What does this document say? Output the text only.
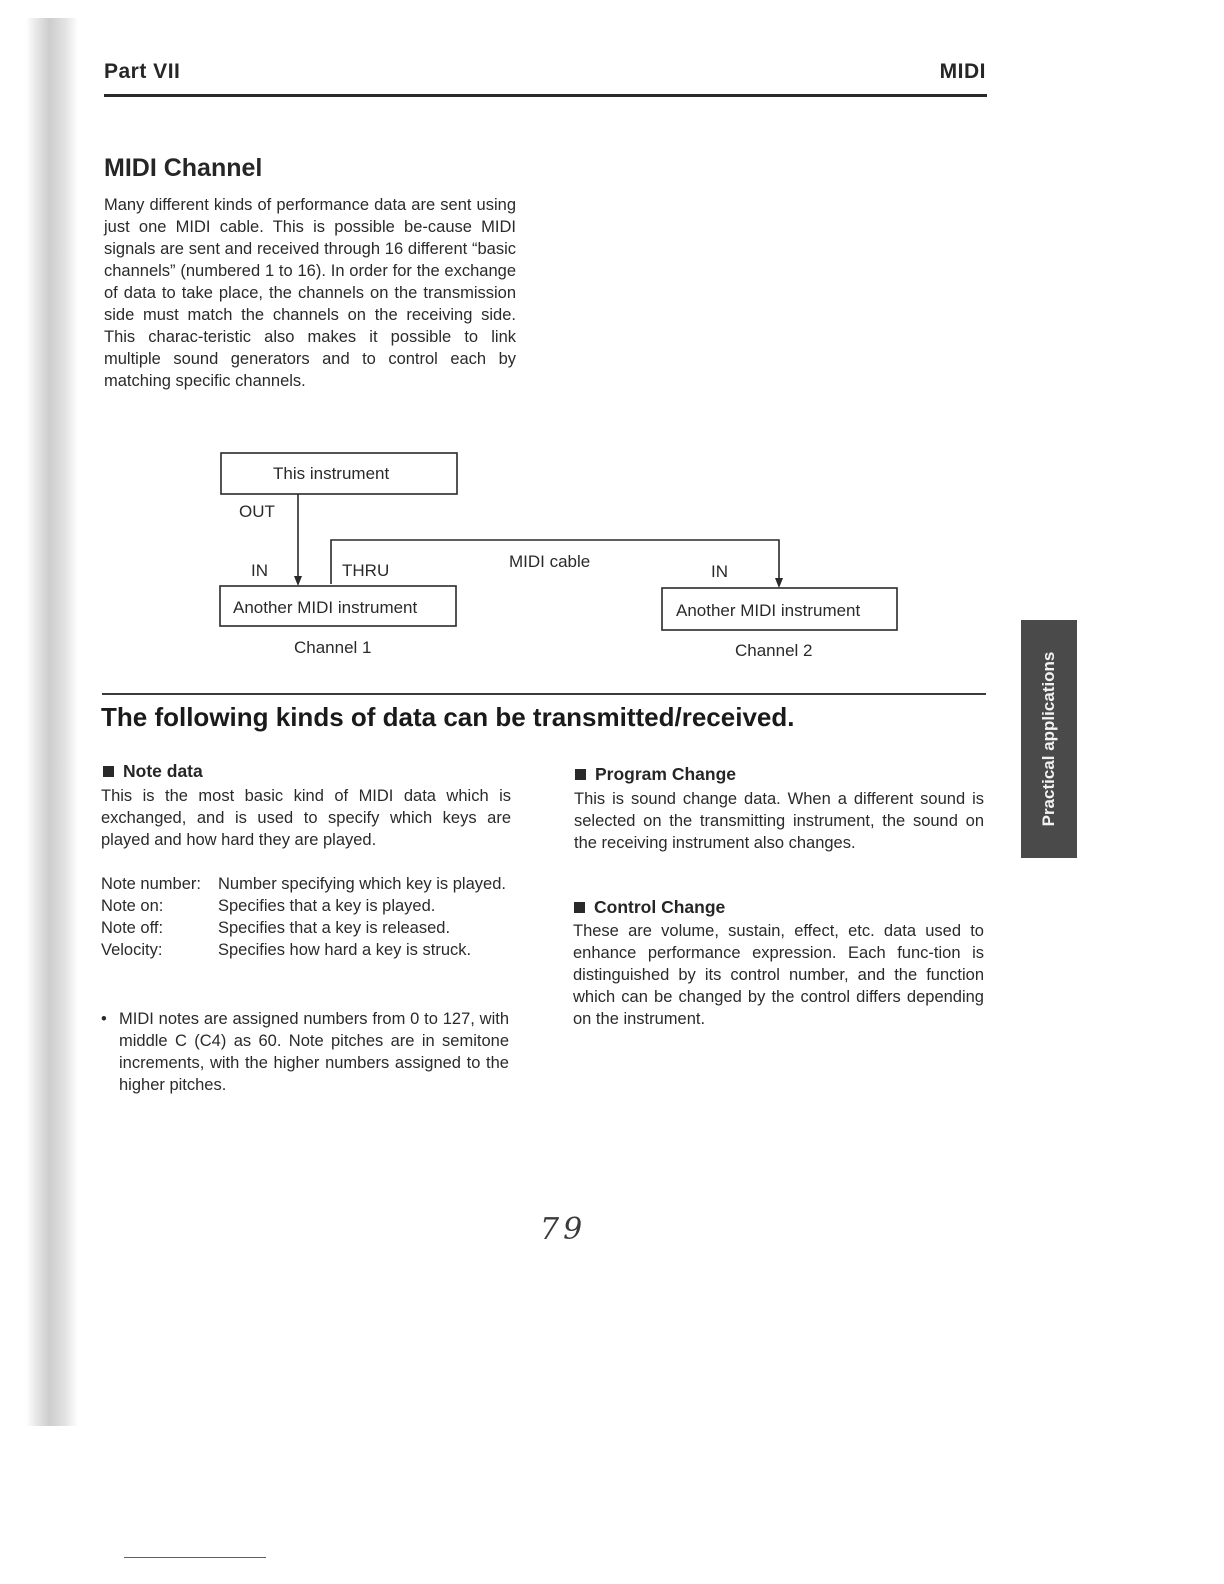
Part VII	MIDI
MIDI Channel

Many different kinds of performance data are sent using just one MIDI cable. This is possible be-cause MIDI signals are sent and received through 16 different “basic channels” (numbered 1 to 16). In order for the exchange of data to take place, the channels on the transmission side must match the channels on the receiving side. This charac-teristic also makes it possible to link multiple sound generators and to control each by matching specific channels.

This instrument
OUT
IN	THRU	MIDI cable
IN
Another MIDI instrument	Another MIDI instrument
Channel 1	Channel 2
The following kinds of data can be transmitted/received.
Note data

This is the most basic kind of MIDI data which is exchanged, and is used to specify which keys are played and how hard they are played.

Note number:	Number specifying which key is played.
Note on:	Specifies that a key is played.
Note off:	Specifies that a key is released.
Velocity:	Specifies how hard a key is struck.
• MIDI notes are assigned numbers from 0 to 127, with middle C (C4) as 60. Note pitches are in semitone increments, with the higher numbers assigned to the higher pitches.
Program Change

This is sound change data. When a different sound is selected on the transmitting instrument, the sound on the receiving instrument also changes.

Control Change

These are volume, sustain, effect, etc. data used to enhance performance expression. Each func-tion is distinguished by its control number, and the function which can be changed by the control differs depending on the instrument.

Practical applications
79
